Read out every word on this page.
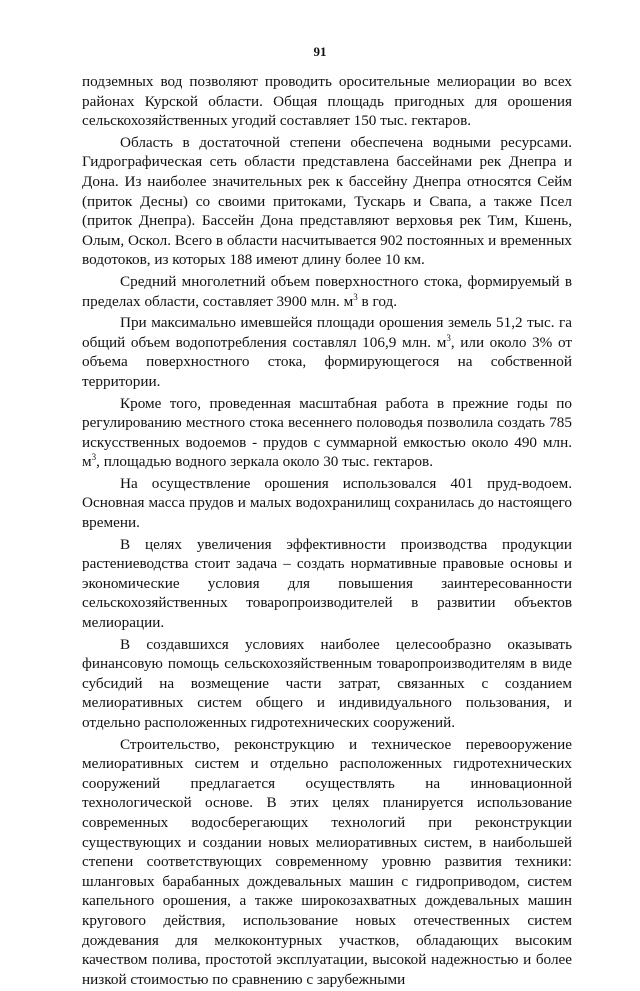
91

подземных вод позволяют проводить оросительные мелиорации во всех районах Курской области. Общая площадь пригодных для орошения сельскохозяйственных угодий составляет 150 тыс. гектаров.

Область в достаточной степени обеспечена водными ресурсами. Гидрографическая сеть области представлена бассейнами рек Днепра и Дона. Из наиболее значительных рек к бассейну Днепра относятся Сейм (приток Десны) со своими притоками, Тускарь и Свапа, а также Псел (приток Днепра). Бассейн Дона представляют верховья рек Тим, Кшень, Олым, Оскол. Всего в области насчитывается 902 постоянных и временных водотоков, из которых 188 имеют длину более 10 км.

Средний многолетний объем поверхностного стока, формируемый в пределах области, составляет 3900 млн. $м^3$ в год.

При максимально имевшейся площади орошения земель 51,2 тыс. га общий объем водопотребления составлял 106,9 млн. $м^3$, или около 3% от объема поверхностного стока, формирующегося на собственной территории.

Кроме того, проведенная масштабная работа в прежние годы по регулированию местного стока весеннего половодья позволила создать 785 искусственных водоемов - прудов с суммарной емкостью около 490 млн. $м^3$, площадью водного зеркала около 30 тыс. гектаров.

На осуществление орошения использовался 401 пруд-водоем. Основная масса прудов и малых водохранилищ сохранилась до настоящего времени.

В целях увеличения эффективности производства продукции растениеводства стоит задача – создать нормативные правовые основы и экономические условия для повышения заинтересованности сельскохозяйственных товаропроизводителей в развитии объектов мелиорации.

В создавшихся условиях наиболее целесообразно оказывать финансовую помощь сельскохозяйственным товаропроизводителям в виде субсидий на возмещение части затрат, связанных с созданием мелиоративных систем общего и индивидуального пользования, и отдельно расположенных гидротехнических сооружений.

Строительство, реконструкцию и техническое перевооружение мелиоративных систем и отдельно расположенных гидротехнических сооружений предлагается осуществлять на инновационной технологической основе. В этих целях планируется использование современных водосберегающих технологий при реконструкции существующих и создании новых мелиоративных систем, в наибольшей степени соответствующих современному уровню развития техники: шланговых барабанных дождевальных машин с гидроприводом, систем капельного орошения, а также широкозахватных дождевальных машин кругового действия, использование новых отечественных систем дождевания для мелкоконтурных участков, обладающих высоким качеством полива, простотой эксплуатации, высокой надежностью и более низкой стоимостью по сравнению с зарубежными
